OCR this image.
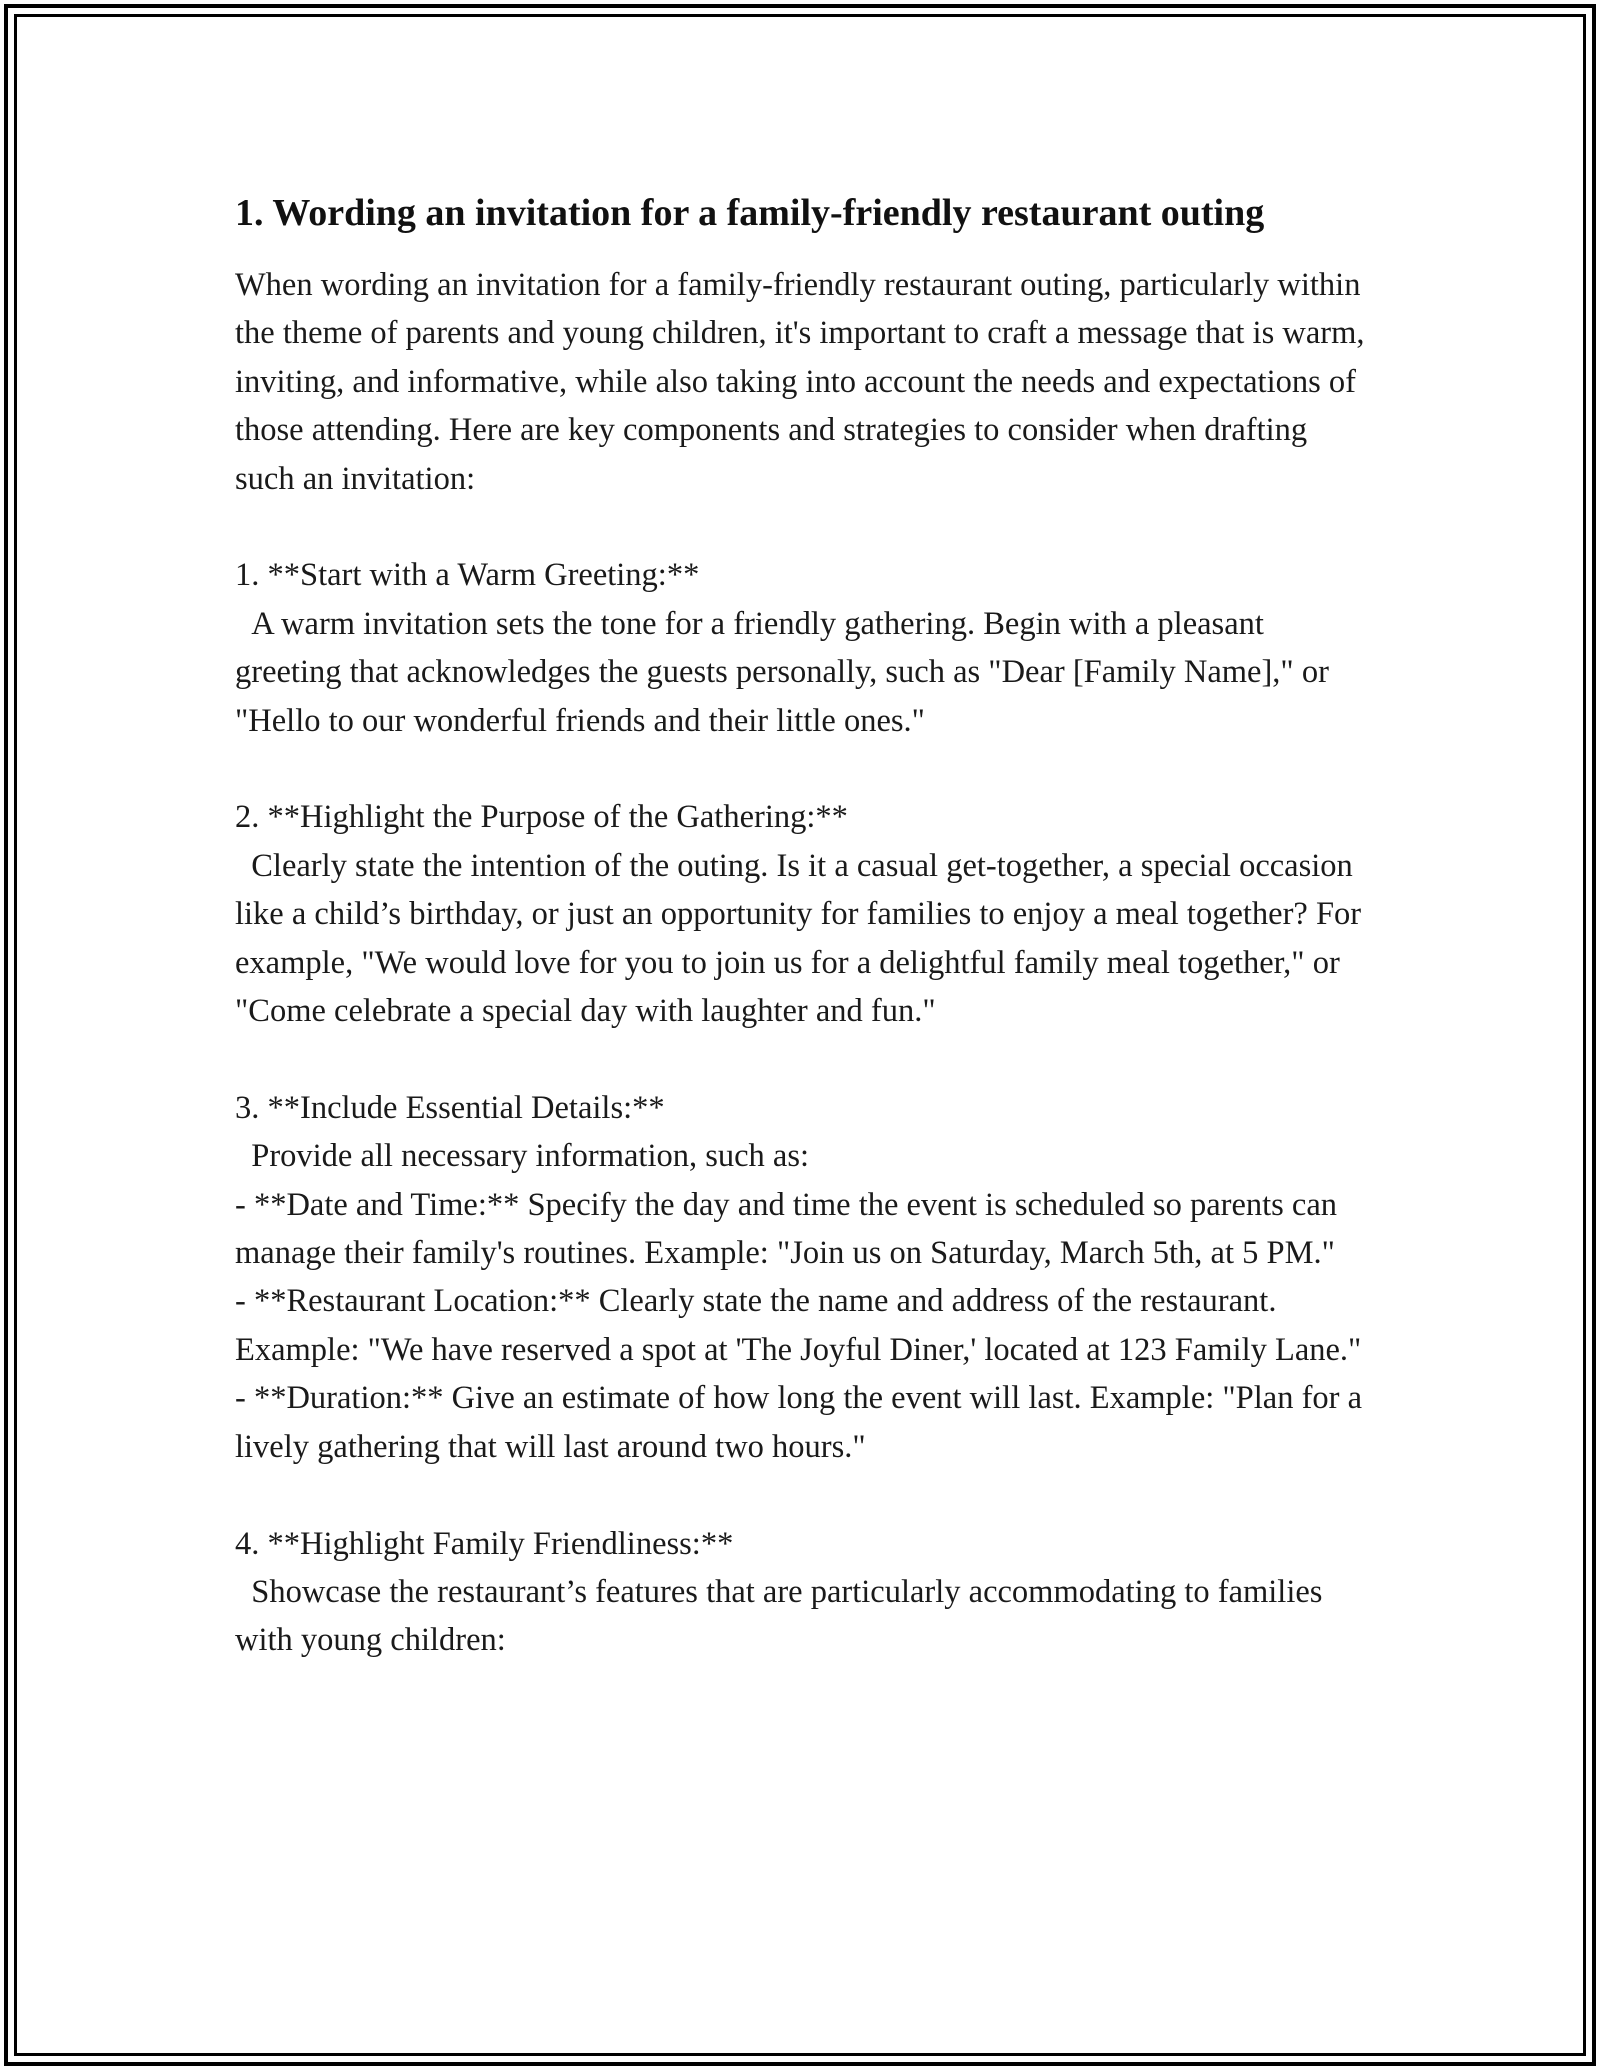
1. Wording an invitation for a family-friendly restaurant outing

When wording an invitation for a family-friendly restaurant outing, particularly within the theme of parents and young children, it's important to craft a message that is warm, inviting, and informative, while also taking into account the needs and expectations of those attending. Here are key components and strategies to consider when drafting such an invitation:

1. **Start with a Warm Greeting:**

A warm invitation sets the tone for a friendly gathering. Begin with a pleasant greeting that acknowledges the guests personally, such as "Dear [Family Name]," or "Hello to our wonderful friends and their little ones."

2. **Highlight the Purpose of the Gathering:**

Clearly state the intention of the outing. Is it a casual get-together, a special occasion like a child’s birthday, or just an opportunity for families to enjoy a meal together? For example, "We would love for you to join us for a delightful family meal together," or "Come celebrate a special day with laughter and fun."

3. **Include Essential Details:**

Provide all necessary information, such as:

- **Date and Time:** Specify the day and time the event is scheduled so parents can manage their family's routines. Example: "Join us on Saturday, March 5th, at 5 PM."

- **Restaurant Location:** Clearly state the name and address of the restaurant. Example: "We have reserved a spot at 'The Joyful Diner,' located at 123 Family Lane."

- **Duration:** Give an estimate of how long the event will last. Example: "Plan for a lively gathering that will last around two hours."

4. **Highlight Family Friendliness:**

Showcase the restaurant’s features that are particularly accommodating to families with young children:
